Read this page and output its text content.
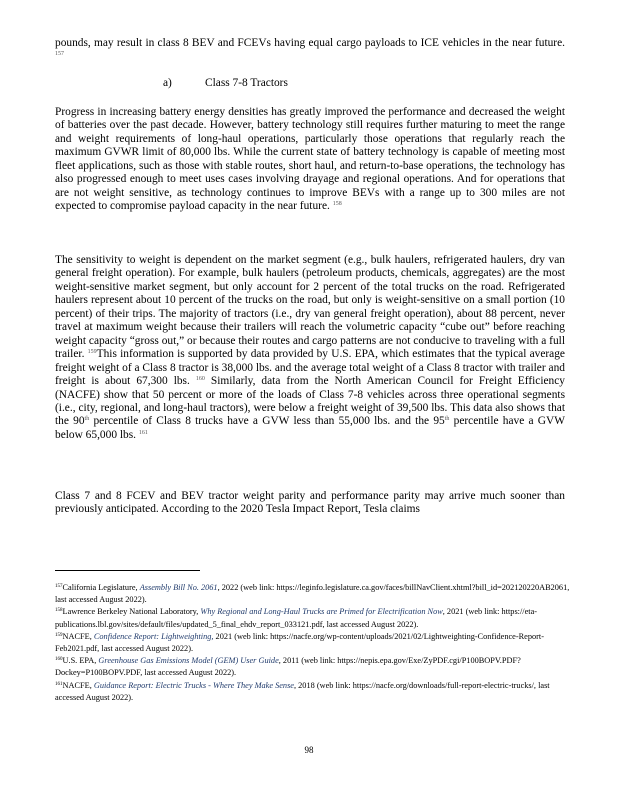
pounds, may result in class 8 BEV and FCEVs having equal cargo payloads to ICE vehicles in the near future. $^{157}$

a)	Class 7-8 Tractors

Progress in increasing battery energy densities has greatly improved the performance and decreased the weight of batteries over the past decade. However, battery technology still requires further maturing to meet the range and weight requirements of long-haul operations, particularly those operations that regularly reach the maximum GVWR limit of 80,000 lbs. While the current state of battery technology is capable of meeting most fleet applications, such as those with stable routes, short haul, and return-to-base operations, the technology has also progressed enough to meet uses cases involving drayage and regional operations. And for operations that are not weight sensitive, as technology continues to improve BEVs with a range up to 300 miles are not expected to compromise payload capacity in the near future. $^{158}$

The sensitivity to weight is dependent on the market segment (e.g., bulk haulers, refrigerated haulers, dry van general freight operation). For example, bulk haulers (petroleum products, chemicals, aggregates) are the most weight-sensitive market segment, but only account for 2 percent of the total trucks on the road. Refrigerated haulers represent about 10 percent of the trucks on the road, but only is weight-sensitive on a small portion (10 percent) of their trips. The majority of tractors (i.e., dry van general freight operation), about 88 percent, never travel at maximum weight because their trailers will reach the volumetric capacity “cube out” before reaching weight capacity “gross out,” or because their routes and cargo patterns are not conducive to traveling with a full trailer. $^{159}$This information is supported by data provided by U.S. EPA, which estimates that the typical average freight weight of a Class 8 tractor is 38,000 lbs. and the average total weight of a Class 8 tractor with trailer and freight is about 67,300 lbs. $^{160}$ Similarly, data from the North American Council for Freight Efficiency (NACFE) show that 50 percent or more of the loads of Class 7-8 vehicles across three operational segments (i.e., city, regional, and long-haul tractors), were below a freight weight of 39,500 lbs. This data also shows that the 90th percentile of Class 8 trucks have a GVW less than 55,000 lbs. and the 95th percentile have a GVW below 65,000 lbs. $^{161}$

Class 7 and 8 FCEV and BEV tractor weight parity and performance parity may arrive much sooner than previously anticipated. According to the 2020 Tesla Impact Report, Tesla claims

$^{157}$California Legislature, Assembly Bill No. 2061, 2022 (web link: https://leginfo.legislature.ca.gov/faces/billNavClient.xhtml?bill_id=202120220AB2061, last accessed August 2022).

$^{158}$Lawrence Berkeley National Laboratory, Why Regional and Long-Haul Trucks are Primed for Electrification Now, 2021 (web link: https://eta-publications.lbl.gov/sites/default/files/updated_5_final_ehdv_report_033121.pdf, last accessed August 2022).

$^{159}$NACFE, Confidence Report: Lightweighting, 2021 (web link: https://nacfe.org/wp-content/uploads/2021/02/Lightweighting-Confidence-Report-Feb2021.pdf, last accessed August 2022).

$^{160}$U.S. EPA, Greenhouse Gas Emissions Model (GEM) User Guide, 2011 (web link: https://nepis.epa.gov/Exe/ZyPDF.cgi/P100BOPV.PDF?Dockey=P100BOPV.PDF, last accessed August 2022).

$^{161}$NACFE, Guidance Report: Electric Trucks - Where They Make Sense, 2018 (web link: https://nacfe.org/downloads/full-report-electric-trucks/, last accessed August 2022).

98
